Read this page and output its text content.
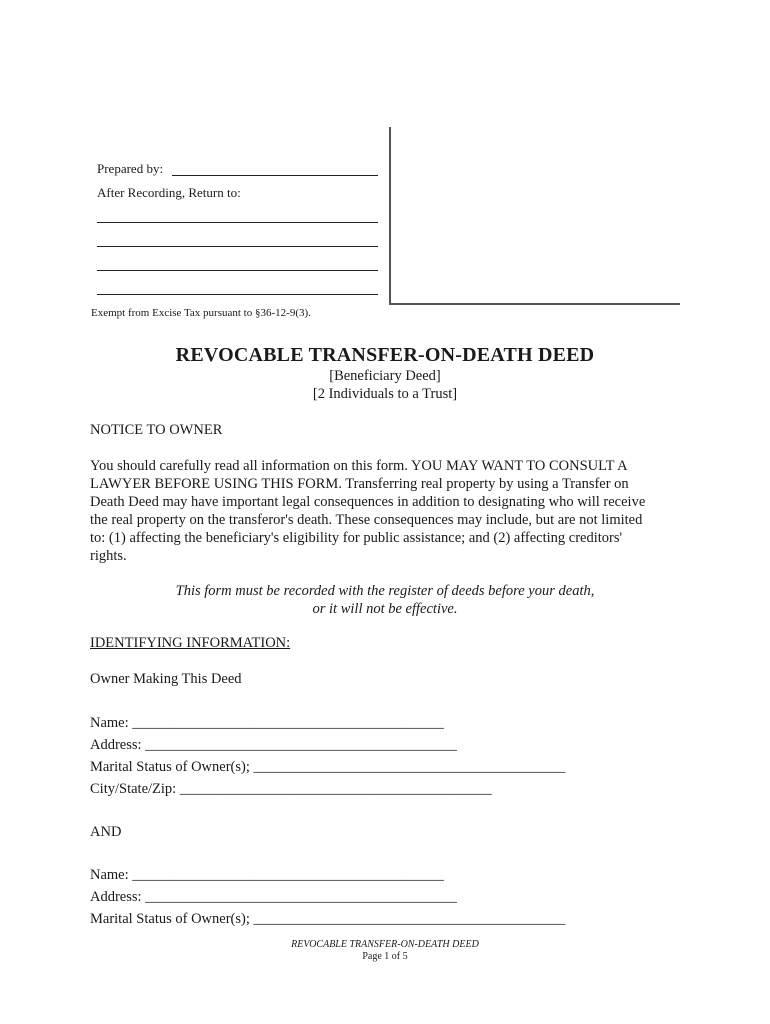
Prepared by:
After Recording, Return to:
Exempt from Excise Tax pursuant to §36-12-9(3).
REVOCABLE TRANSFER-ON-DEATH DEED
[Beneficiary Deed]
[2 Individuals to a Trust]
NOTICE TO OWNER
You should carefully read all information on this form. YOU MAY WANT TO CONSULT A
LAWYER BEFORE USING THIS FORM. Transferring real property by using a Transfer on
Death Deed may have important legal consequences in addition to designating who will receive
the real property on the transferor's death. These consequences may include, but are not limited
to: (1) affecting the beneficiary's eligibility for public assistance; and (2) affecting creditors'
rights.
This form must be recorded with the register of deeds before your death,
or it will not be effective.
IDENTIFYING INFORMATION:
Owner Making This Deed
Name: ___________________________________________
Address: ___________________________________________
Marital Status of Owner(s); ___________________________________________
City/State/Zip: ___________________________________________
AND
Name: ___________________________________________
Address: ___________________________________________
Marital Status of Owner(s); ___________________________________________
REVOCABLE TRANSFER-ON-DEATH DEED
Page 1 of 5
